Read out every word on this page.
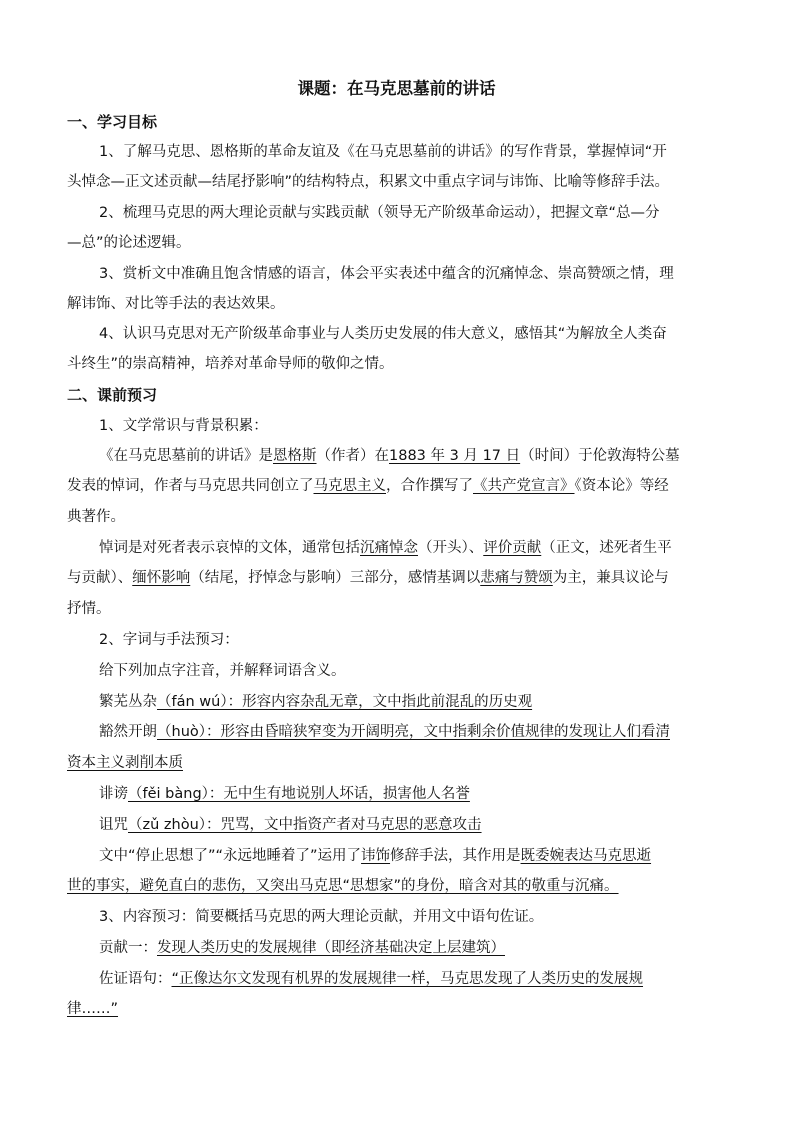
课题：在马克思墓前的讲话
一、学习目标
1、了解马克思、恩格斯的革命友谊及《在马克思墓前的讲话》的写作背景，掌握悼词“开
头悼念—正文述贡献—结尾抒影响”的结构特点，积累文中重点字词与讳饰、比喻等修辞手法。
2、梳理马克思的两大理论贡献与实践贡献（领导无产阶级革命运动），把握文章“总—分
—总”的论述逻辑。
3、赏析文中准确且饱含情感的语言，体会平实表述中蕴含的沉痛悼念、崇高赞颂之情，理
解讳饰、对比等手法的表达效果。
4、认识马克思对无产阶级革命事业与人类历史发展的伟大意义，感悟其“为解放全人类奋
斗终生”的崇高精神，培养对革命导师的敬仰之情。
二、课前预习
1、文学常识与背景积累：
《在马克思墓前的讲话》是恩格斯（作者）在1883 年 3 月 17 日（时间）于伦敦海特公墓
发表的悼词，作者与马克思共同创立了马克思主义，合作撰写了《共产党宣言》《资本论》等经
典著作。
悼词是对死者表示哀悼的文体，通常包括沉痛悼念（开头）、评价贡献（正文，述死者生平
与贡献）、缅怀影响（结尾，抒悼念与影响）三部分，感情基调以悲痛与赞颂为主，兼具议论与
抒情。
2、字词与手法预习：
给下列加点字注音，并解释词语含义。
繁芜丛杂（fán wú）：形容内容杂乱无章，文中指此前混乱的历史观
豁然开朗（huò）：形容由昏暗狭窄变为开阔明亮，文中指剩余价值规律的发现让人们看清
资本主义剥削本质
诽谤（fěi bàng）：无中生有地说别人坏话，损害他人名誉
诅咒（zǔ zhòu）：咒骂，文中指资产者对马克思的恶意攻击
文中“停止思想了”“永远地睡着了”运用了讳饰修辞手法，其作用是既委婉表达马克思逝
世的事实，避免直白的悲伤，又突出马克思“思想家”的身份，暗含对其的敬重与沉痛。
3、内容预习：简要概括马克思的两大理论贡献，并用文中语句佐证。
贡献一：发现人类历史的发展规律（即经济基础决定上层建筑）
佐证语句：“正像达尔文发现有机界的发展规律一样，马克思发现了人类历史的发展规
律……”
